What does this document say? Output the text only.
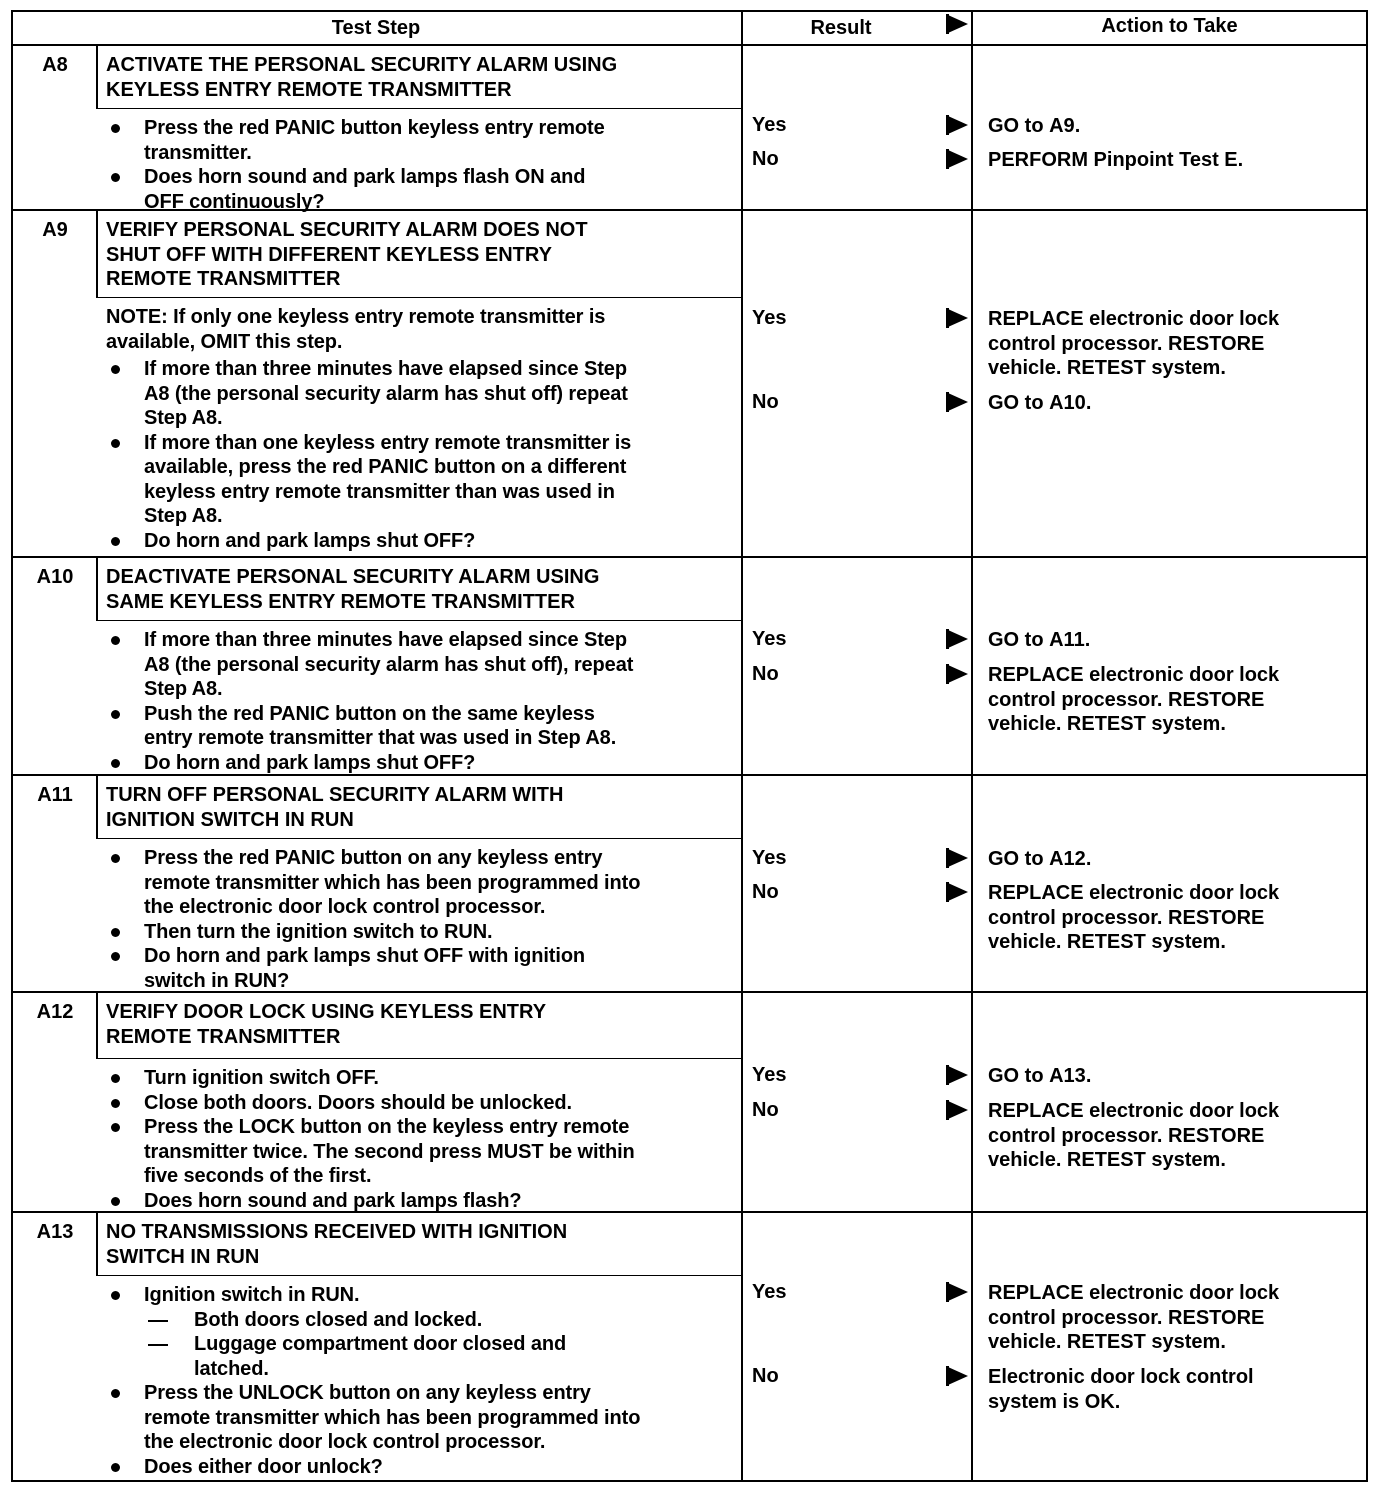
Test Step	Result	Action to Take
A8	ACTIVATE THE PERSONAL SECURITY ALARM USING
KEYLESS ENTRY REMOTE TRANSMITTER
Press the red PANIC button keyless entry remote
transmitter.
Does horn sound and park lamps flash ON and
OFF continuously?
Yes	GO to A9.
No	PERFORM Pinpoint Test E.
A9	VERIFY PERSONAL SECURITY ALARM DOES NOT
SHUT OFF WITH DIFFERENT KEYLESS ENTRY
REMOTE TRANSMITTER
NOTE: If only one keyless entry remote transmitter is
available, OMIT this step.
If more than three minutes have elapsed since Step
A8 (the personal security alarm has shut off) repeat
Step A8.
If more than one keyless entry remote transmitter is
available, press the red PANIC button on a different
keyless entry remote transmitter than was used in
Step A8.
Do horn and park lamps shut OFF?
Yes	REPLACE electronic door lock
control processor. RESTORE
vehicle. RETEST system.
No	GO to A10.
A10	DEACTIVATE PERSONAL SECURITY ALARM USING
SAME KEYLESS ENTRY REMOTE TRANSMITTER
If more than three minutes have elapsed since Step
A8 (the personal security alarm has shut off), repeat
Step A8.
Push the red PANIC button on the same keyless
entry remote transmitter that was used in Step A8.
Do horn and park lamps shut OFF?
Yes	GO to A11.
No	REPLACE electronic door lock
control processor. RESTORE
vehicle. RETEST system.
A11	TURN OFF PERSONAL SECURITY ALARM WITH
IGNITION SWITCH IN RUN
Press the red PANIC button on any keyless entry
remote transmitter which has been programmed into
the electronic door lock control processor.
Then turn the ignition switch to RUN.
Do horn and park lamps shut OFF with ignition
switch in RUN?
Yes	GO to A12.
No	REPLACE electronic door lock
control processor. RESTORE
vehicle. RETEST system.
A12	VERIFY DOOR LOCK USING KEYLESS ENTRY
REMOTE TRANSMITTER
Turn ignition switch OFF.
Close both doors. Doors should be unlocked.
Press the LOCK button on the keyless entry remote
transmitter twice. The second press MUST be within
five seconds of the first.
Does horn sound and park lamps flash?
Yes	GO to A13.
No	REPLACE electronic door lock
control processor. RESTORE
vehicle. RETEST system.
A13	NO TRANSMISSIONS RECEIVED WITH IGNITION
SWITCH IN RUN
Ignition switch in RUN.
Both doors closed and locked.
Luggage compartment door closed and
latched.
Press the UNLOCK button on any keyless entry
remote transmitter which has been programmed into
the electronic door lock control processor.
Does either door unlock?
Yes	REPLACE electronic door lock
control processor. RESTORE
vehicle. RETEST system.
No	Electronic door lock control
system is OK.
